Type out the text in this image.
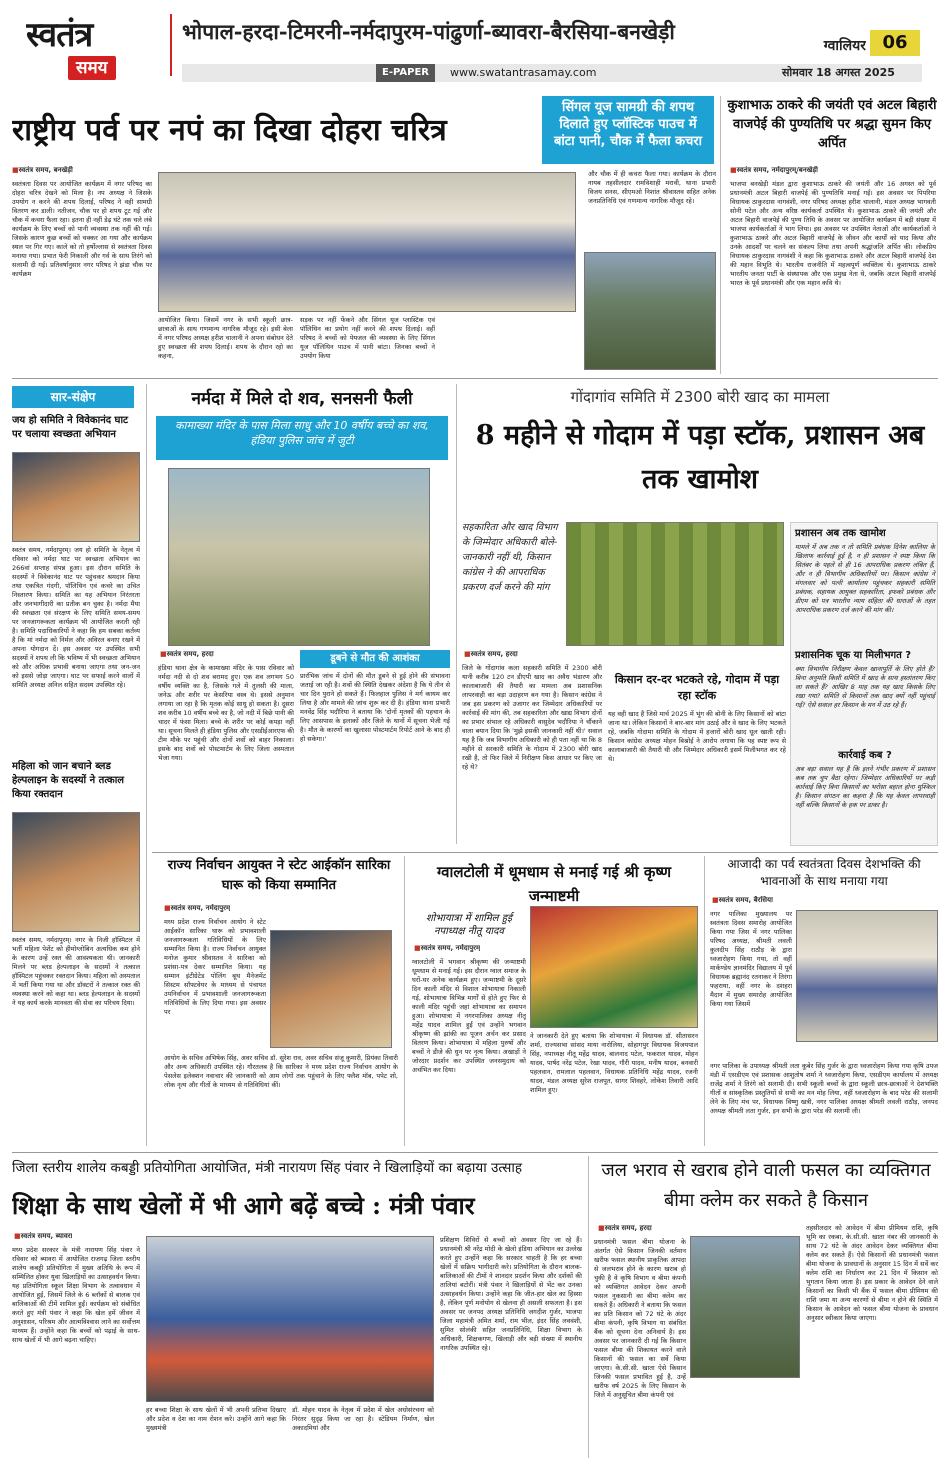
स्वतंत्र
समय
भोपाल-हरदा-टिमरनी-नर्मदापुरम-पांढुर्णा-ब्यावरा-बैरसिया-बनखेड़ी
ग्वालियर 06
E-PAPER	www.swatantrasamay.com	सोमवार 18 अगस्त 2025
राष्ट्रीय पर्व पर नपं का दिखा दोहरा चरित्र
सिंगल यूज सामग्री की शपथ दिलाते हुए प्लॉस्टिक पाउच में बांटा पानी, चौक में फैला कचरा
■ स्वतंत्र समय, बनखेड़ी
स्वतंत्रता दिवस पर आयोजित कार्यक्रम में नगर परिषद का दोहरा चरित्र देखने को मिला है। नप अध्यक्ष ने जिसके उपयोग न करने की शपथ दिलाई, परिषद ने वही सामग्री वितरण कर डाली। नतीजन, चौक पर हो शपथ टूट गई और चौक में कचरा फैला रहा। इतना ही नहीं डेढ़ घंटे तक चले लंबे कार्यक्रम के लिए बच्चों को पानी व्यवस्था तक नहीं की गई। जिसके कारण कुछ बच्चों को चक्कर आ गया और कार्यक्रम स्थल पर गिर गए। काले को तो हर्षोल्लास से स्वतंत्रता दिवस मनाया गया। प्रभात फेरी निकाली और गर्व के साथ तिरंगे को सलामी दी गई। प्रतिवर्षानुसार नगर परिषद ने झंडा चौक पर कार्यक्रम
आयोजित किया। जिसमें नगर के सभी स्कूली छात्र-छात्राओं के साथ गणमान्य नागरिक मौजूद रहे। इसी बेला में नगर परिषद अध्यक्ष हरीश चालानी ने अपना संबोधन देते हुए स्वच्छता की शपथ दिलाई। शपथ के दौरान रहो का कहना,
सड़क पर नहीं फेंकने और सिंगल यूज प्लास्टिक एवं पॉलिथिन का प्रयोग नहीं करने की शपथ दिलाई। वहीं परिषद ने बच्चों को पेयजल की व्यवस्था के लिए सिंगल यूज पॉलिथिन पाउच में पानी बांटा। जिनका बच्चों ने उपयोग किया
और चौक में ही कचरा फैला गया। कार्यक्रम के दौरान नायब तहसीलदार रामविशाही मरावी, थाना प्रभारी विजय सनस, सीएमओ निशांत श्रीवास्तव सहित अनेक जनप्रतिनिधि एवं गणमान्य नागरिक मौजूद रहे।
कुशाभाऊ ठाकरे की जयंती एवं अटल बिहारी वाजपेई की पुण्यतिथि पर श्रद्धा सुमन किए अर्पित
■ स्वतंत्र समय, नर्मदापुरम्/बनखेड़ी
भाजपा बनखेड़ी मंडल द्वारा कुशाभाऊ ठाकरे की जयंती और 16 अगस्त को पूर्व प्रधानमंत्री अटल बिहारी वाजपेई की पुण्यतिथि मनाई गई। इस अवसर पर पिपरिया विधायक ठाकुरदास नागवंशी, नगर परिषद अध्यक्ष हरीश चालानी, मंडल अध्यक्ष भागवती सोनी पटेल और अन्य वरिष्ठ कार्यकर्ता उपस्थित थे। कुशाभाऊ ठाकरे की जयंती और अटल बिहारी वाजपेई की पुण्य तिथि के अवसर पर आयोजित कार्यक्रम में बड़ी संख्या में भाजपा कार्यकर्ताओं ने भाग लिया। इस अवसर पर उपस्थित नेताओं और कार्यकर्ताओं ने कुशाभाऊ ठाकरे और अटल बिहारी वाजपेई के जीवन और कार्यों को याद किया और उनके आदर्शों पर चलने का संकल्प लिया तथा अपनी श्रद्धांजलि अर्पित की। लोकप्रिय विधायक ठाकुरदास नागवंशी ने कहा कि कुशाभाऊ ठाकरे और अटल बिहारी वाजपेई देश की महान विभूति थे। भारतीय राजनीति में महत्वपूर्ण व्यक्तित्व थे। कुशाभाऊ ठाकरे भारतीय जनता पार्टी के संस्थापक और एक प्रमुख नेता थे, जबकि अटल बिहारी वाजपेई भारत के पूर्व प्रधानमंत्री और एक महान कवि थे।
सार-संक्षेप
जय हो समिति ने विवेकानंद घाट पर चलाया स्वच्छता अभियान
स्वतंत्र समय, नर्मदापुरम्। जय हो समिति के नेतृत्व में रविवार को नर्मदा घाट पर स्वच्छता अभियान का 266वां सप्ताह संपन्न हुआ। इस दौरान समिति के सदस्यों ने विवेकानंद घाट पर पहुंचकर श्रमदान किया तथा एकत्रित गंदगी, पॉलिथिन एवं कचरे का उचित निस्तारण किया। समिति का यह अभियान निरंतरता और जनभागीदारी का प्रतीक बन चुका है। नर्मदा मैया की स्वच्छता एवं संरक्षण के लिए समिति समय-समय पर जनजागरूकता कार्यक्रम भी आयोजित करती रही है। समिति पदाधिकारियों ने कहा कि हम सबका कर्तव्य है कि मां नर्मदा को निर्मल और अविरल बनाए रखने में अपना योगदान दें। इस अवसर पर उपस्थित सभी सदस्यों ने शपथ ली कि भविष्य में भी स्वच्छता अभियान को और अधिक प्रभावी बनाया जाएगा तथा जन-जन को इससे जोड़ा जाएगा। घाट पर सफाई करने वालों में समिति अध्यक्ष अनिल सहित सदस्य उपस्थित रहे।
महिला को जान बचाने ब्लड हेल्पलाइन के सदस्यों ने तत्काल किया रक्तदान
स्वतंत्र समय, नर्मदापुरम्। नगर के निजी हॉस्पिटल में भर्ती महिला पेशेंट को हीमोग्लोबिन अत्यधिक कम होने के कारण उन्हें रक्त की आवश्यकता थी। जानकारी मिलने पर ब्लड हेल्पलाइन के सदस्यों ने तत्काल हॉस्पिटल पहुंचकर रक्तदान किया। महिला को अस्पताल में भर्ती किया गया था और डॉक्टरों ने तत्काल रक्त की व्यवस्था करने को कहा था। ब्लड हेल्पलाइन के सदस्यों ने यह कार्य करके मानवता की सेवा का परिचय दिया।
नर्मदा में मिले दो शव, सनसनी फैली
कामाख्या मंदिर के पास मिला साधु और 10 वर्षीय बच्चे का शव, हंडिया पुलिस जांच में जुटी
■ स्वतंत्र समय, हरदा
हंडिया थाना क्षेत्र के कामाख्या मंदिर के पास रविवार को नर्मदा नदी से दो शव बरामद हुए। एक शव लगभग 50 वर्षीय व्यक्ति का है, जिसके गले में तुलसी की माला, जनेऊ और शरीर पर केसरिया वस्त्र थे। इससे अनुमान लगाया जा रहा है कि मृतक कोई साधु हो सकता है। दूसरा शव करीब 10 वर्षीय बच्चे का है, जो नदी में बिछे पानी की चादर में फंसा मिला। बच्चे के शरीर पर कोई कपड़ा नहीं था। सूचना मिलते ही हंडिया पुलिस और एसडीईआरएफ की टीम मौके पर पहुंची और दोनों शवों को बाहर निकाला। इसके बाद शवों को पोस्टमार्टम के लिए जिला अस्पताल भेजा गया।
डूबने से मौत की आशंका
प्रारंभिक जांच में दोनों की मौत डूबने से हुई होने की संभावना जताई जा रही है। शवों की स्थिति देखकर अंदेशा है कि ये तीन से चार दिन पुराने हो सकते हैं। फिलहाल पुलिस ने मर्ग कायम कर लिया है और मामले की जांच शुरू कर दी है। हंडिया थाना प्रभारी मनवेंद्र सिंह भदौरिया ने बताया कि 'दोनों मृतकों की पहचान के लिए आसपास के इलाकों और जिले के थानों में सूचना भेजी गई है। मौत के कारणों का खुलासा पोस्टमार्टम रिपोर्ट आने के बाद ही हो सकेगा।'
गोंदागांव समिति में 2300 बोरी खाद का मामला
8 महीने से गोदाम में पड़ा स्टॉक, प्रशासन अब तक खामोश
सहकारिता और खाद विभाग के जिम्मेदार अधिकारी बोले- जानकारी नहीं थी, किसान कांग्रेस ने की आपराधिक प्रकरण दर्ज करने की मांग
प्रशासन अब तक खामोश
मामले में अब तक न तो समिति प्रबंधक दिनेश कालिया के खिलाफ कार्रवाई हुई है, न ही प्रशासन ने स्पष्ट किया कि सितंबर के पहले से ही 16 आपराधिक प्रकरण लंबित हैं, और न ही विभागीय अधिकारियों पर। किसान कांग्रेस ने मंगलवार को पत्नी कार्यालय पहुंचकर सहकारी समिति प्रबंधक, सहायक आयुक्त सहकारिता, इफको प्रबंधक और डीएम को पत्र भारतीय न्याय संहिता की धाराओं के तहत आपराधिक प्रकरण दर्ज करने की मांग की।
प्रशासनिक चूक या मिलीभगत ?
क्या विभागीय निरीक्षण केवल खानापूर्ति के लिए होते हैं? बिना अनुमति किसी समिति में खाद के साथ हस्तांतरण किए जा सकते हैं? आखिर 8 माह तक यह खाद किसके लिए रखा गया? समिति से किसानों तक खाद क्यों नहीं पहुंचाई गई? ऐसे सवाल हर किसान के मन में उठ रहे हैं।
कार्रवाई कब ?
अब बड़ा सवाल यह है कि इतने गंभीर प्रकरण में प्रशासन कब तक चुप बैठा रहेगा। जिम्मेदार अधिकारियों पर कड़ी कार्रवाई किए बिना किसानों का भरोसा बहाल होना मुश्किल है। किसान संगठन का कहना है कि यह केवल लापरवाही नहीं बल्कि किसानों के हक पर डाका है।
■ स्वतंत्र समय, हरदा
जिले के गोंदागांव कला सहकारी समिति में 2300 बोरी यानी करीब 120 टन डीएपी खाद का अवैध भंडारण और कालाबाजारी की तैयारी का मामला अब प्रशासनिक लापरवाही का बड़ा उदाहरण बन गया है। किसान कांग्रेस ने जब इस प्रकरण को उजागर कर जिम्मेदार अधिकारियों पर कार्रवाई की मांग की, तब सहकारिता और खाद्य विभाग दोनों का प्रभार संभाल रहे अधिकारी वासुदेव भदौरिया ने चौंकाने वाला बयान दिया कि 'मुझे इसकी जानकारी नहीं थी।' सवाल यह है कि जब विभागीय अधिकारी को ही पता नहीं था कि 8 महीने से सरकारी समिति के गोदाम में 2300 बोरी खाद रखी है, तो फिर जिले में निरीक्षण किस आधार पर किए जा रहे थे?
किसान दर-दर भटकते रहे, गोदाम में पड़ा रहा स्टॉक
यह वही खाद है जिसे मार्च 2025 में भूंग की बोनी के लिए किसानों को बांटा जाना था। लेकिन किसानों ने बार-बार मांग उठाई और वे खाद के लिए भटकते रहे, जबकि गोदामा समिति के गोदाम में हजारों बोरी खाद धूल खाती रही। किसान कांग्रेस अध्यक्ष मोहन बिश्नोई ने आरोप लगाया कि यह स्पष्ट रूप से कालाबाजारी की तैयारी थी और जिम्मेदार अधिकारी इसमें मिलीभगत कर रहे थे।
राज्य निर्वाचन आयुक्त ने स्टेट आईकॉन सारिका घारू को किया सम्मानित
■ स्वतंत्र समय, नर्मदापुरम्
मध्य प्रदेश राज्य निर्वाचन आयोग ने स्टेट आईकॉन सारिका घारू को प्रभावशाली जनजागरूकता गतिविधियों के लिए सम्मानित किया है। राज्य निर्वाचन आयुक्त मनोज कुमार श्रीवास्तव ने सारिका को प्रशंसा-पत्र देकर सम्मानित किया। यह सम्मान इंटीग्रेटेड पोलिंग बूथ मैनेजमेंट सिस्टम सॉफ्टवेयर के माध्यम से पंचायत उपनिर्वाचन में प्रभावशाली जनजागरूकता गतिविधियों के लिए दिया गया। इस अवसर पर
आयोग के सचिव अभिषेक सिंह, अवर सचिव डॉ. सुरेश राव, अवर सचिव संजू कुमारी, प्रियंका तिवारी और अन्य अधिकारी उपस्थित रहे। गौरतलब है कि सारिका ने मध्य प्रदेश राज्य निर्वाचन आयोग के पेसलेस इलेक्शन नवाचार की जानकारी को आम लोगों तक पहुंचाने के लिए फ्लैश मॉब, पपेट शो, लोक नृत्य और गीतों के माध्यम से गतिविधियां कीं।
ग्वालटोली में धूमधाम से मनाई गई श्री कृष्ण जन्माष्टमी
शोभायात्रा में शामिल हुई नपाध्यक्ष नीतू यादव
■ स्वतंत्र समय, नर्मदापुरम्
ग्वालटोली में भगवान श्रीकृष्ण की जन्माष्टमी धूमधाम से मनाई गई। इस दौरान ग्वाल समाज के घरों-घर अनेक कार्यक्रम हुए। जन्माष्टमी के दूसरे दिन काली मंदिर से विशाल शोभायात्रा निकाली गई, शोभायात्रा विभिन्न मार्गों से होते हुए फिर से काली मंदिर पहुंची जहां शोभायात्रा का समापन हुआ। शोभायात्रा में नगरपालिका अध्यक्ष नीतू महेंद्र यादव शामिल हुईं एवं उन्होंने भगवान श्रीकृष्ण की झांकी का पूजन अर्चन कर प्रसाद वितरण किया। शोभायात्रा में महिला पुरुषों और बच्चों ने डीजे की धुन पर नृत्य किया। अखाड़ों ने जोरदार प्रदर्शन कर उपस्थित जनसमुदाय को अचंभित कर दिया।
ने जानकारी देते हुए बताया कि शोभायात्रा में विधायक डॉ. सीतासरन शर्मा, राज्यसभा सांसद माया नारोलिया, सोहागपुर विधायक विजयपाल सिंह, नपाध्यक्ष नीतू महेंद्र यादव, बालनाद पटेल, फकराल यादव, मोहन यादव, पार्षद नरेंद्र पटेल, रेखा यादव, गौरी यादव, मनीष यादव, बनवारी पहलवान, रामलाल पहलवान, विधायक प्रतिनिधि महेंद्र यादव, रजनी यादव, मंडल अध्यक्ष सुरेश राजपूत, सागर शिवहरे, लोकेश तिवारी आदि शामिल हुए।
आजादी का पर्व स्वतंत्रता दिवस देशभक्ति की भावनाओं के साथ मनाया गया
■ स्वतंत्र समय, बैरसिया
नगर पालिका मुख्यालय पर स्वतंत्रता दिवस समारोह आयोजित किया गया जिस में नगर पालिका परिषद अध्यक्ष, श्रीमती लवली कुलदीप सिंह राठौड़ के द्वारा ध्वजारोहण किया गया, तो वहीं मार्कण्डेय ज्ञानमंदिर विद्यालय में पूर्व विधायक ब्रह्मानंद रतनाकर ने तिरंगा फहराया, वहीं नगर के दशहरा मैदान में मुख्य समारोह आयोजित किया गया जिसमें
नगर पालिका के उपाध्यक्ष श्रीमती लता कुबेर सिंह गुर्जर के द्वारा ध्वजारोहण किया गया कृषि उपज मंडी में एसडीएम एवं प्रशासक आशुतोष शर्मा ने ध्वजारोहण किया, एसडीएम कार्यालय में अध्यक्ष राजेंद्र शर्मा ने तिरंगे को सलामी दी। सभी स्कूली बच्चों के द्वारा स्कूली छात्र-छात्राओं ने देशभक्ति गीतों व सांस्कृतिक प्रस्तुतियों से सभी का मन मोह लिया, वहीं ध्वजारोहण के बाद परेड की सलामी लेने के लिए मंच पर, विधायक विष्णु खत्री, नगर पालिका अध्यक्ष श्रीमती लवली राठौड़, जनपद अध्यक्ष श्रीमती लता गुर्जर, इन सभी के द्वारा परेड की सलामी ली।
जिला स्तरीय शालेय कबड्डी प्रतियोगिता आयोजित, मंत्री नारायण सिंह पंवार ने खिलाड़ियों का बढ़ाया उत्साह
शिक्षा के साथ खेलों में भी आगे बढ़ें बच्चे : मंत्री पंवार
■ स्वतंत्र समय, ब्यावरा
मध्य प्रदेश सरकार के मंत्री नारायण सिंह पंवार ने रविवार को ब्यावरा में आयोजित राजगढ़ जिला स्तरीय शालेय कबड्डी प्रतियोगिता में मुख्य अतिथि के रूप में सम्मिलित होकर युवा खिलाड़ियों का उत्साहवर्धन किया। यह प्रतियोगिता स्कूल शिक्षा विभाग के तत्वावधान में आयोजित हुई, जिसमें जिले के 6 ब्लॉकों से बालक एवं बालिकाओं की टीमें शामिल हुईं। कार्यक्रम को संबोधित करते हुए मंत्री पंवार ने कहा कि खेल हमें जीवन में अनुशासन, परिश्रम और आत्मविश्वास लाने का सर्वोत्तम माध्यम हैं। उन्होंने कहा कि बच्चों को पढ़ाई के साथ-साथ खेलों में भी आगे बढ़ना चाहिए।
हर बच्चा शिक्षा के साथ खेलों में भी अपनी प्रतिभा दिखाए और प्रदेश व देश का नाम रोशन करे। उन्होंने आगे कहा कि मुख्यमंत्री
डॉ. मोहन यादव के नेतृत्व में प्रदेश में खेल अधोसंरचना को निरंतर सुदृढ़ किया जा रहा है। स्टेडियम निर्माण, खेल अकादमियां और
प्रशिक्षण शिविरों से बच्चों को अवसर दिए जा रहे हैं। प्रधानमंत्री श्री नरेंद्र मोदी के खेलो इंडिया अभियान का उल्लेख करते हुए उन्होंने कहा कि सरकार चाहती है कि हर बच्चा खेलों में सक्रिय भागीदारी करे। प्रतियोगिता के दौरान बालक-बालिकाओं की टीमों ने शानदार प्रदर्शन किया और दर्शकों की तालियां बटोरीं। मंत्री पंवार ने खिलाड़ियों से भेंट कर उनका उत्साहवर्धन किया। उन्होंने कहा कि जीत-हार खेल का हिस्सा है, लेकिन पूर्ण मनोयोग से खेलना ही असली सफलता है। इस अवसर पर जनपद अध्यक्ष प्रतिनिधि जगदीश गुर्जर, भाजपा जिला महामंत्री अमित शर्मा, राम भील, इंदर सिंह लववंशी, सुमित सोलंकी सहित जनप्रतिनिधि, शिक्षा विभाग के अधिकारी, शिक्षकगण, खिलाड़ी और बड़ी संख्या में स्थानीय नागरिक उपस्थित रहे।
जल भराव से खराब होने वाली फसल का व्यक्तिगत बीमा क्लेम कर सकते है किसान
■ स्वतंत्र समय, हरदा
प्रधानमंत्री फसल बीमा योजना के अंतर्गत ऐसे किसान जिनकी वर्तमान खरीफ फसल स्थानीय प्राकृतिक आपदा से जलभराव होने के कारण खराब हो चुकी है वे कृषि विभाग व बीमा कंपनी को व्यक्तिगत आवेदन देकर अपनी फसल नुकसानी का बीमा क्लेम कर सकते हैं। अधिकारी ने बताया कि फसल का प्रति किसान को 72 घंटे के अंदर बीमा कंपनी, कृषि विभाग या संबंधित बैंक को सूचना देना अनिवार्य है। इस अवसर पर जानकारी दी गई कि किसान फसल बीमा की शिकायत करने वाले किसानों की फसल का सर्वे किया जाएगा। के.सी.सी. खाता ऐसे किसान जिनकी फसल प्रभावित हुई है, उन्हें खरीफ वर्ष 2025 के लिए किसान के जिले में अनुसूचित बीमा कंपनी एवं
तहसीलदार को आवेदन में बीमा प्रीमियम राशि, कृषि भूमि का रकबा, के.सी.सी. खाता नंबर की जानकारी के साथ 72 घंटे के अंदर आवेदन देकर व्यक्तिगत बीमा क्लेम कर सकते हैं। ऐसे किसानों की प्रधानमंत्री फसल बीमा योजना के प्रावधानों के अनुसार 15 दिन में सर्वे कर क्लेम राशि का निर्धारण कर 21 दिन में किसान को भुगतान किया जाता है। इस प्रकार के आवेदन देने वाले किसानों का किसी भी बैंक में फसल बीमा प्रीमियम की राशि जमा या अन्य कारणों से बीमा न होने की स्थिति में किसान के आवेदन को फसल बीमा योजना के प्रावधान अनुसार स्वीकार किया जाएगा।
